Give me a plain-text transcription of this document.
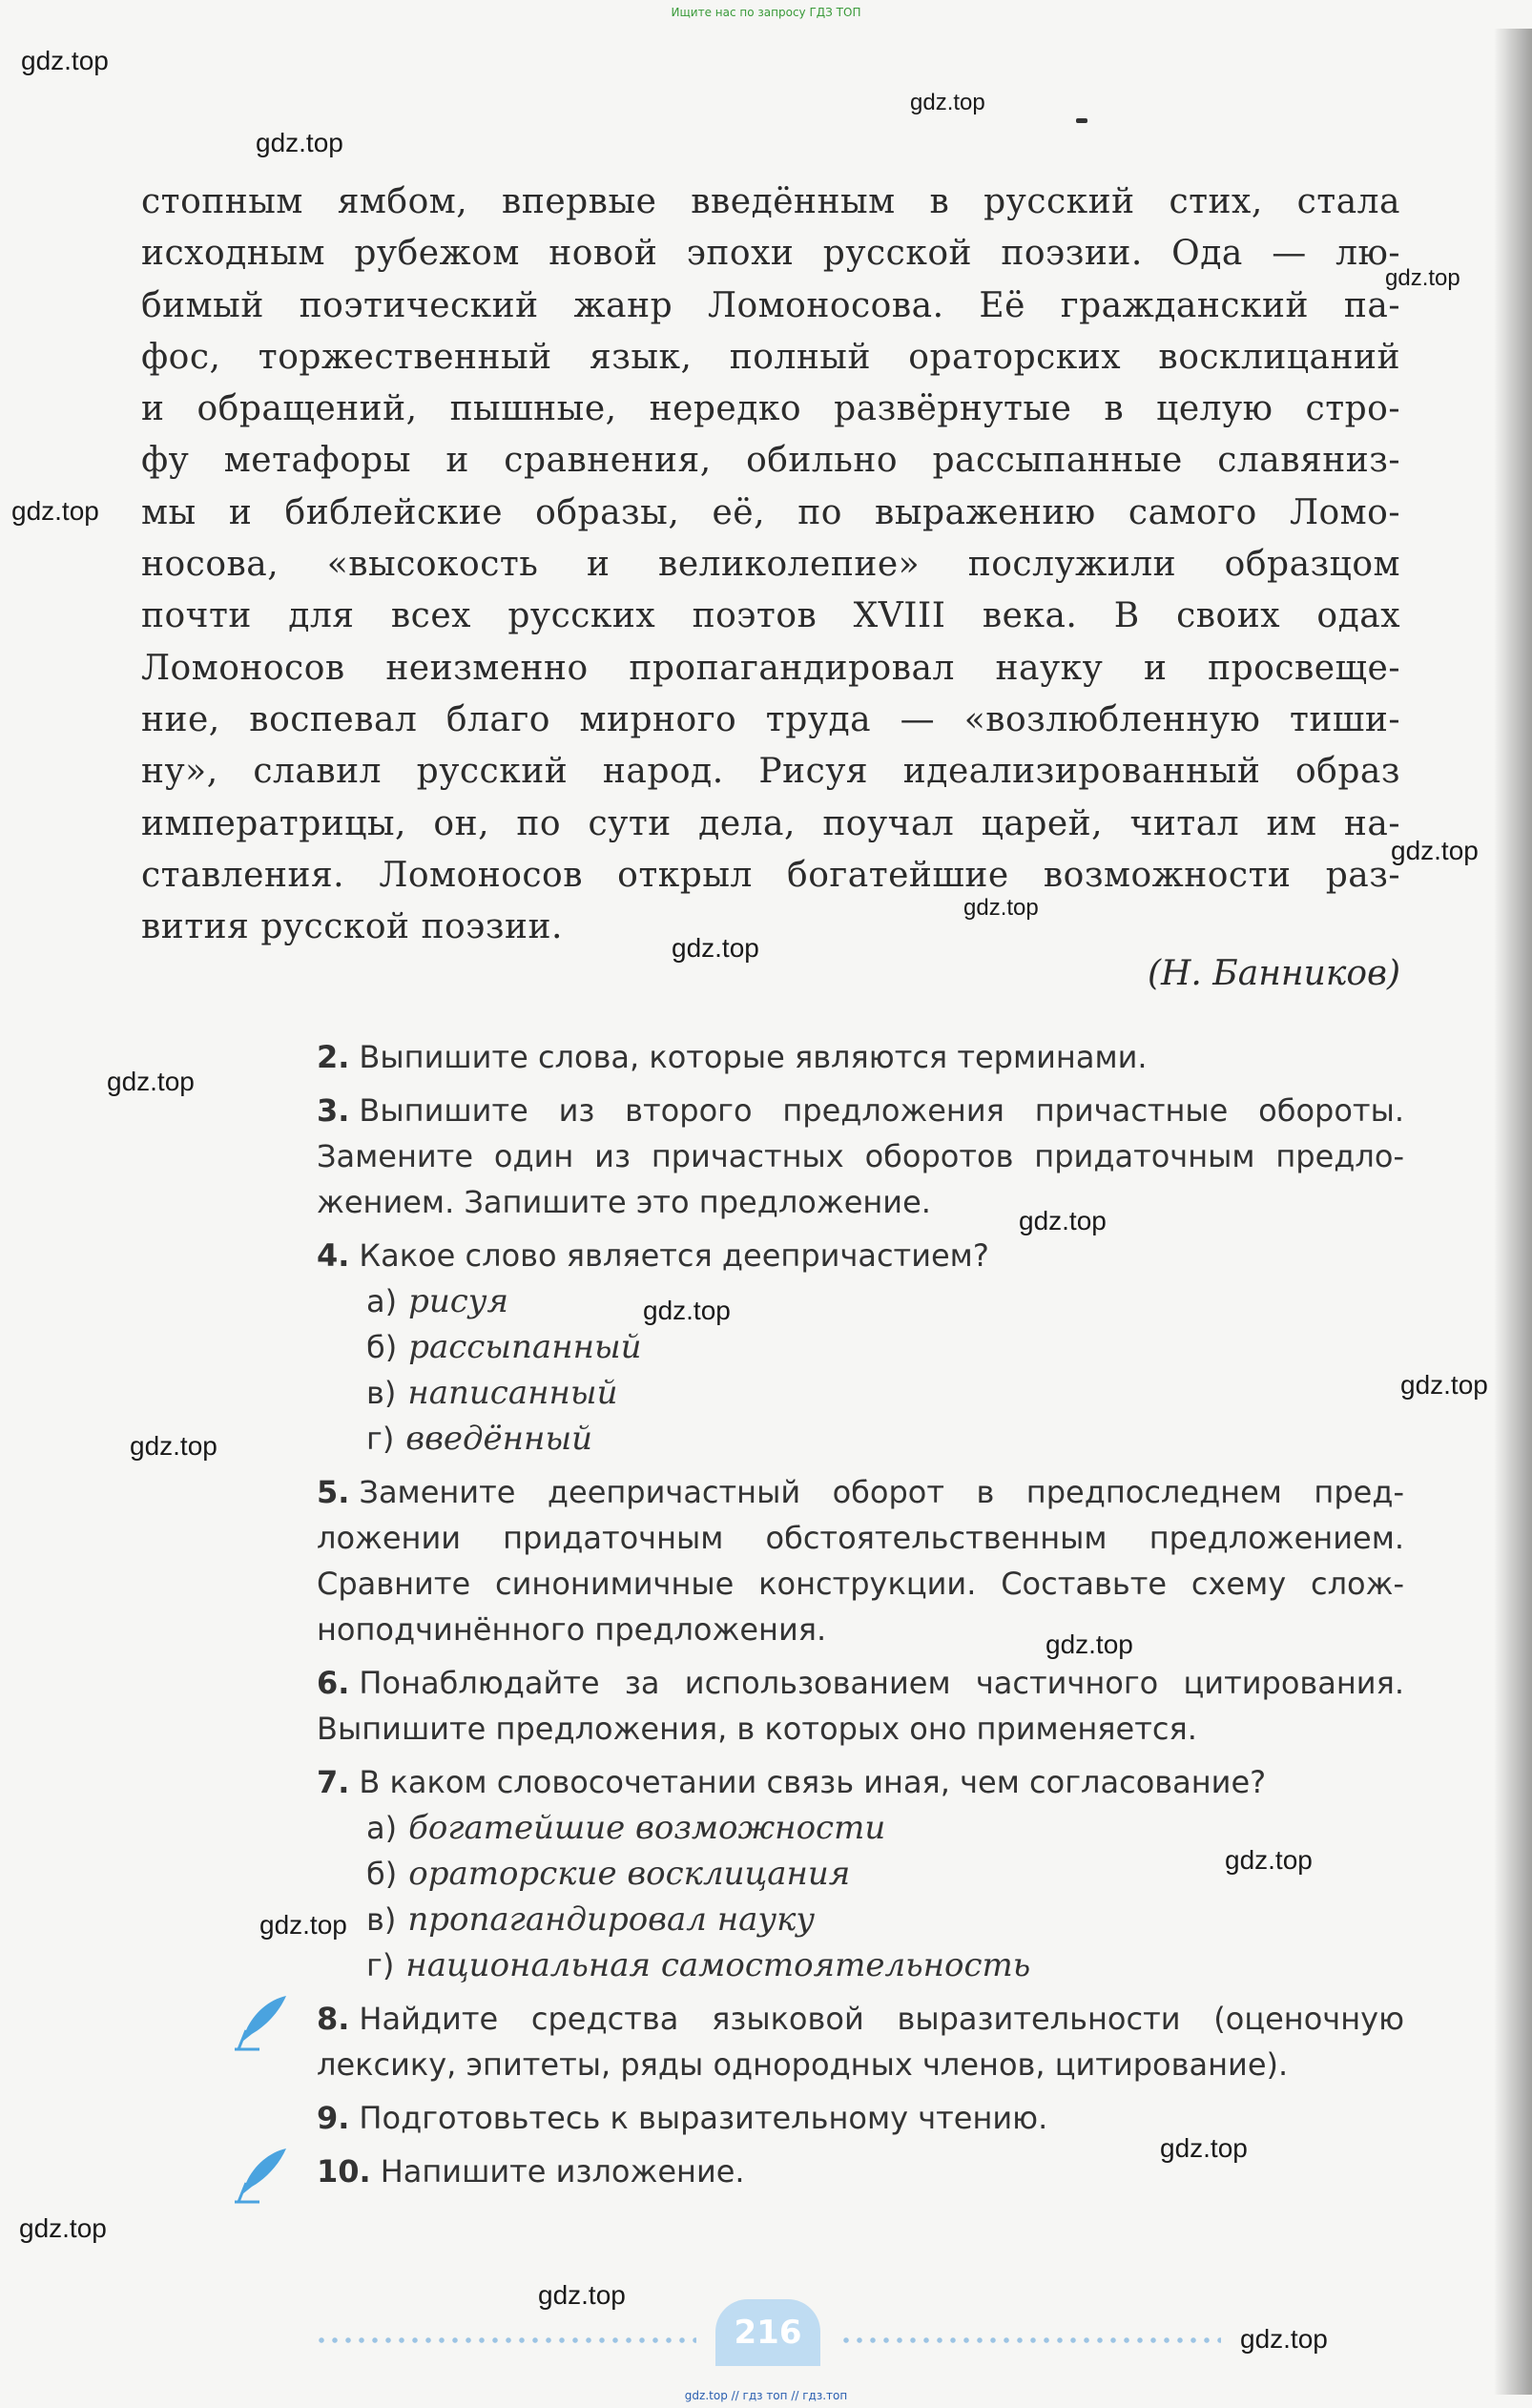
Ищите нас по запросу ГДЗ ТОП
gdz.top
gdz.top
gdz.top
gdz.top
gdz.top
gdz.top
gdz.top
gdz.top
gdz.top
gdz.top
gdz.top
gdz.top
gdz.top
gdz.top
gdz.top
gdz.top
gdz.top
gdz.top
gdz.top
gdz.top
стопным ямбом, впервые введённым в русский стих, стала
исходным рубежом новой эпохи русской поэзии. Ода — лю-
бимый поэтический жанр Ломоносова. Её гражданский па-
фос, торжественный язык, полный ораторских восклицаний
и обращений, пышные, нередко развёрнутые в целую стро-
фу метафоры и сравнения, обильно рассыпанные славяниз-
мы и библейские образы, её, по выражению самого Ломо-
носова, «высокость и великолепие» послужили образцом
почти для всех русских поэтов XVIII века. В своих одах
Ломоносов неизменно пропагандировал науку и просвеще-
ние, воспевал благо мирного труда — «возлюбленную тиши-
ну», славил русский народ. Рисуя идеализированный образ
императрицы, он, по сути дела, поучал царей, читал им на-
ставления. Ломоносов открыл богатейшие возможности раз-
вития русской поэзии.
(Н. Банников)
2. Выпишите слова, которые являются терминами.
3. Выпишите из второго предложения причастные обороты.
Замените один из причастных оборотов придаточным предло-
жением. Запишите это предложение.
4. Какое слово является деепричастием?
а) рисуя
б) рассыпанный
в) написанный
г) введённый
5. Замените деепричастный оборот в предпоследнем пред-
ложении придаточным обстоятельственным предложением.
Сравните синонимичные конструкции. Составьте схему слож-
ноподчинённого предложения.
6. Понаблюдайте за использованием частичного цитирования.
Выпишите предложения, в которых оно применяется.
7. В каком словосочетании связь иная, чем согласование?
а) богатейшие возможности
б) ораторские восклицания
в) пропагандировал науку
г) национальная самостоятельность
8. Найдите средства языковой выразительности (оценочную
лексику, эпитеты, ряды однородных членов, цитирование).
9. Подготовьтесь к выразительному чтению.
10. Напишите изложение.
216
gdz.top // гдз топ // гдз.топ
